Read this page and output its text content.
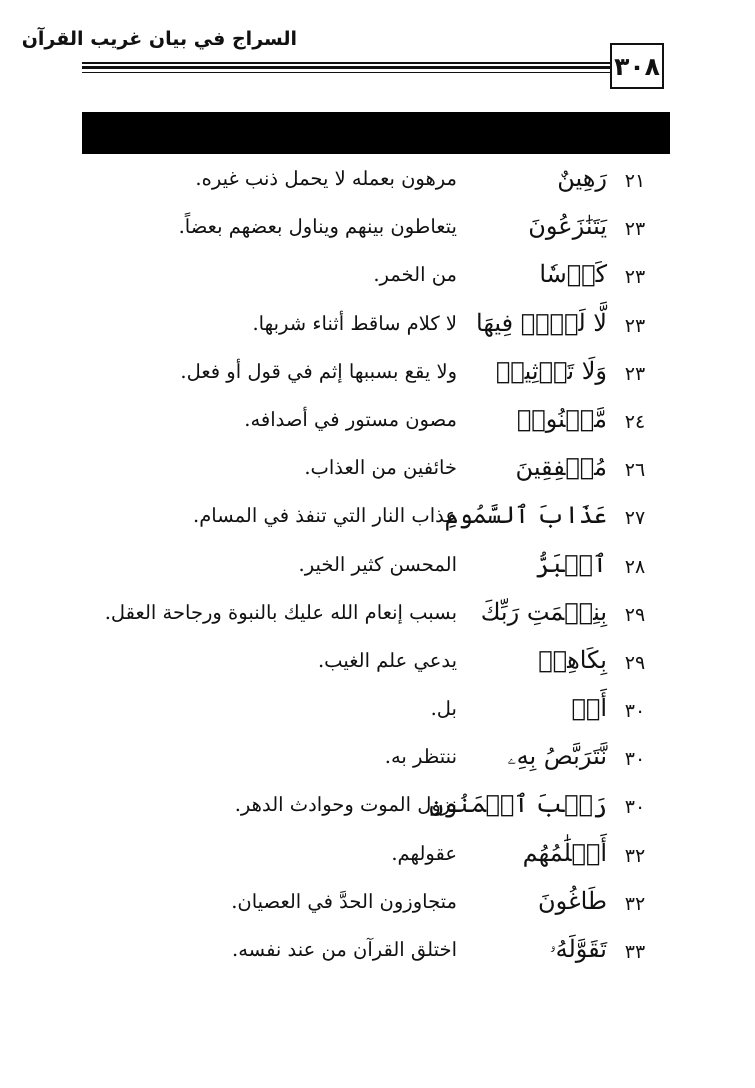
السراج في بيان غريب القرآن
٣٠٨
٢١
رَهِينٌ
مرهون بعمله لا يحمل ذنب غيره.
٢٣
يَتَنَٰزَعُونَ
يتعاطون بينهم ويناول بعضهم بعضاً.
٢٣
كَأۡسٗا
من الخمر.
٢٣
لَّا لَغۡوٞ فِيهَا
لا كلام ساقط أثناء شربها.
٢٣
وَلَا تَأۡثِيمٞ
ولا يقع بسببها إثم في قول أو فعل.
٢٤
مَّكۡنُونٞ
مصون مستور في أصدافه.
٢٦
مُشۡفِقِينَ
خائفين من العذاب.
٢٧
عَذَابَ ٱلسَّمُومِ
عذاب النار التي تنفذ في المسام.
٢٨
ٱلۡبَرُّ
المحسن كثير الخير.
٢٩
بِنِعۡمَتِ رَبِّكَ
بسبب إنعام الله عليك بالنبوة ورجاحة العقل.
٢٩
بِكَاهِنٖ
يدعي علم الغيب.
٣٠
أَمۡ
بل.
٣٠
نَّتَرَبَّصُ بِهِۦ
ننتظر به.
٣٠
رَيۡبَ ٱلۡمَنُونِ
نزول الموت وحوادث الدهر.
٣٢
أَحۡلَٰمُهُم
عقولهم.
٣٢
طَاغُونَ
متجاوزون الحدَّ في العصيان.
٣٣
تَقَوَّلَهُۥ
اختلق القرآن من عند نفسه.
